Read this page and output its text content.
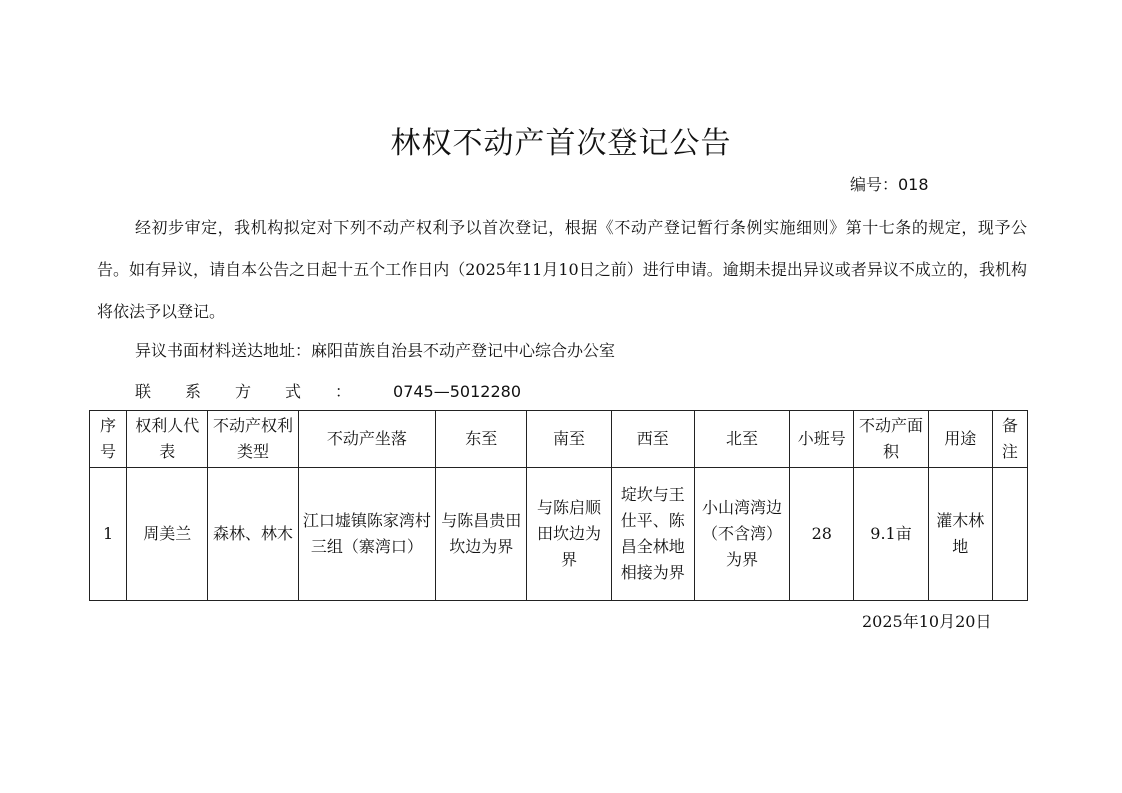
林权不动产首次登记公告
编号：018
经初步审定，我机构拟定对下列不动产权利予以首次登记，根据《不动产登记暂行条例实施细则》第十七条的规定，现予公告。如有异议，请自本公告之日起十五个工作日内（2025年11月10日之前）进行申请。逾期未提出异议或者异议不成立的，我机构将依法予以登记。
异议书面材料送达地址：麻阳苗族自治县不动产登记中心综合办公室
联系方式： 0745—5012280
序号	权利人代表	不动产权利类型	不动产坐落	东至	南至	西至	北至	小班号	不动产面积	用途	备注
1	周美兰	森林、林木	江口墟镇陈家湾村三组（寨湾口）	与陈昌贵田坎边为界	与陈启顺田坎边为界	埞坎与王仕平、陈昌全林地相接为界	小山湾湾边（不含湾）为界	28	9.1亩	灌木林地	
2025年10月20日
